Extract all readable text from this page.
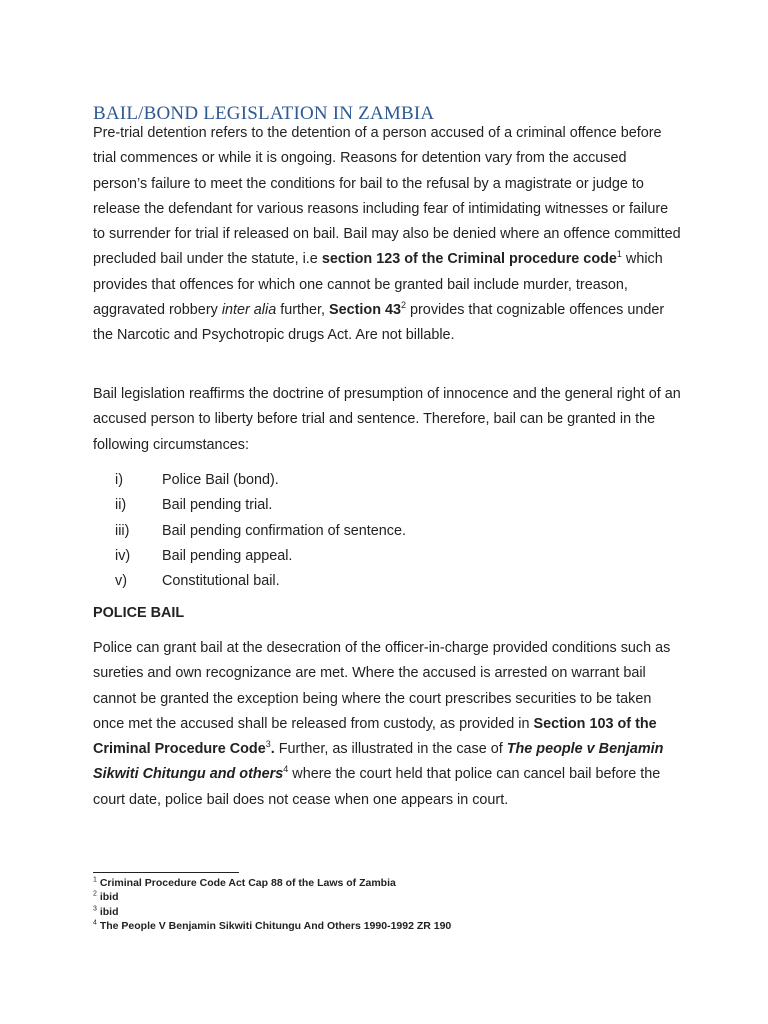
BAIL/BOND LEGISLATION IN ZAMBIA

Pre-trial detention refers to the detention of a person accused of a criminal offence before trial commences or while it is ongoing. Reasons for detention vary from the accused person’s failure to meet the conditions for bail to the refusal by a magistrate or judge to release the defendant for various reasons including fear of intimidating witnesses or failure to surrender for trial if released on bail. Bail may also be denied where an offence committed precluded bail under the statute, i.e section 123 of the Criminal procedure code$^1$ which provides that offences for which one cannot be granted bail include murder, treason, aggravated robbery inter alia further, Section $43^2$ provides that cognizable offences under the Narcotic and Psychotropic drugs Act. Are not billable.

Bail legislation reaffirms the doctrine of presumption of innocence and the general right of an accused person to liberty before trial and sentence. Therefore, bail can be granted in the following circumstances:

i)	Police Bail (bond).
ii) Bail pending trial.
iii) Bail pending confirmation of sentence.
iv) Bail pending appeal.
v) Constitutional bail.
POLICE BAIL

Police can grant bail at the desecration of the officer-in-charge provided conditions such as sureties and own recognizance are met. Where the accused is arrested on warrant bail cannot be granted the exception being where the court prescribes securities to be taken once met the accused shall be released from custody, as provided in Section 103 of the Criminal Procedure Code$^3$. Further, as illustrated in the case of The people v Benjamin Sikwiti Chitungu and others$^4$ where the court held that police can cancel bail before the court date, police bail does not cease when one appears in court.

$^1$ Criminal Procedure Code Act Cap 88 of the Laws of Zambia
$^2$ ibid
$^3$ ibid
$^4$ The People V Benjamin Sikwiti Chitungu And Others 1990-1992 ZR 190
